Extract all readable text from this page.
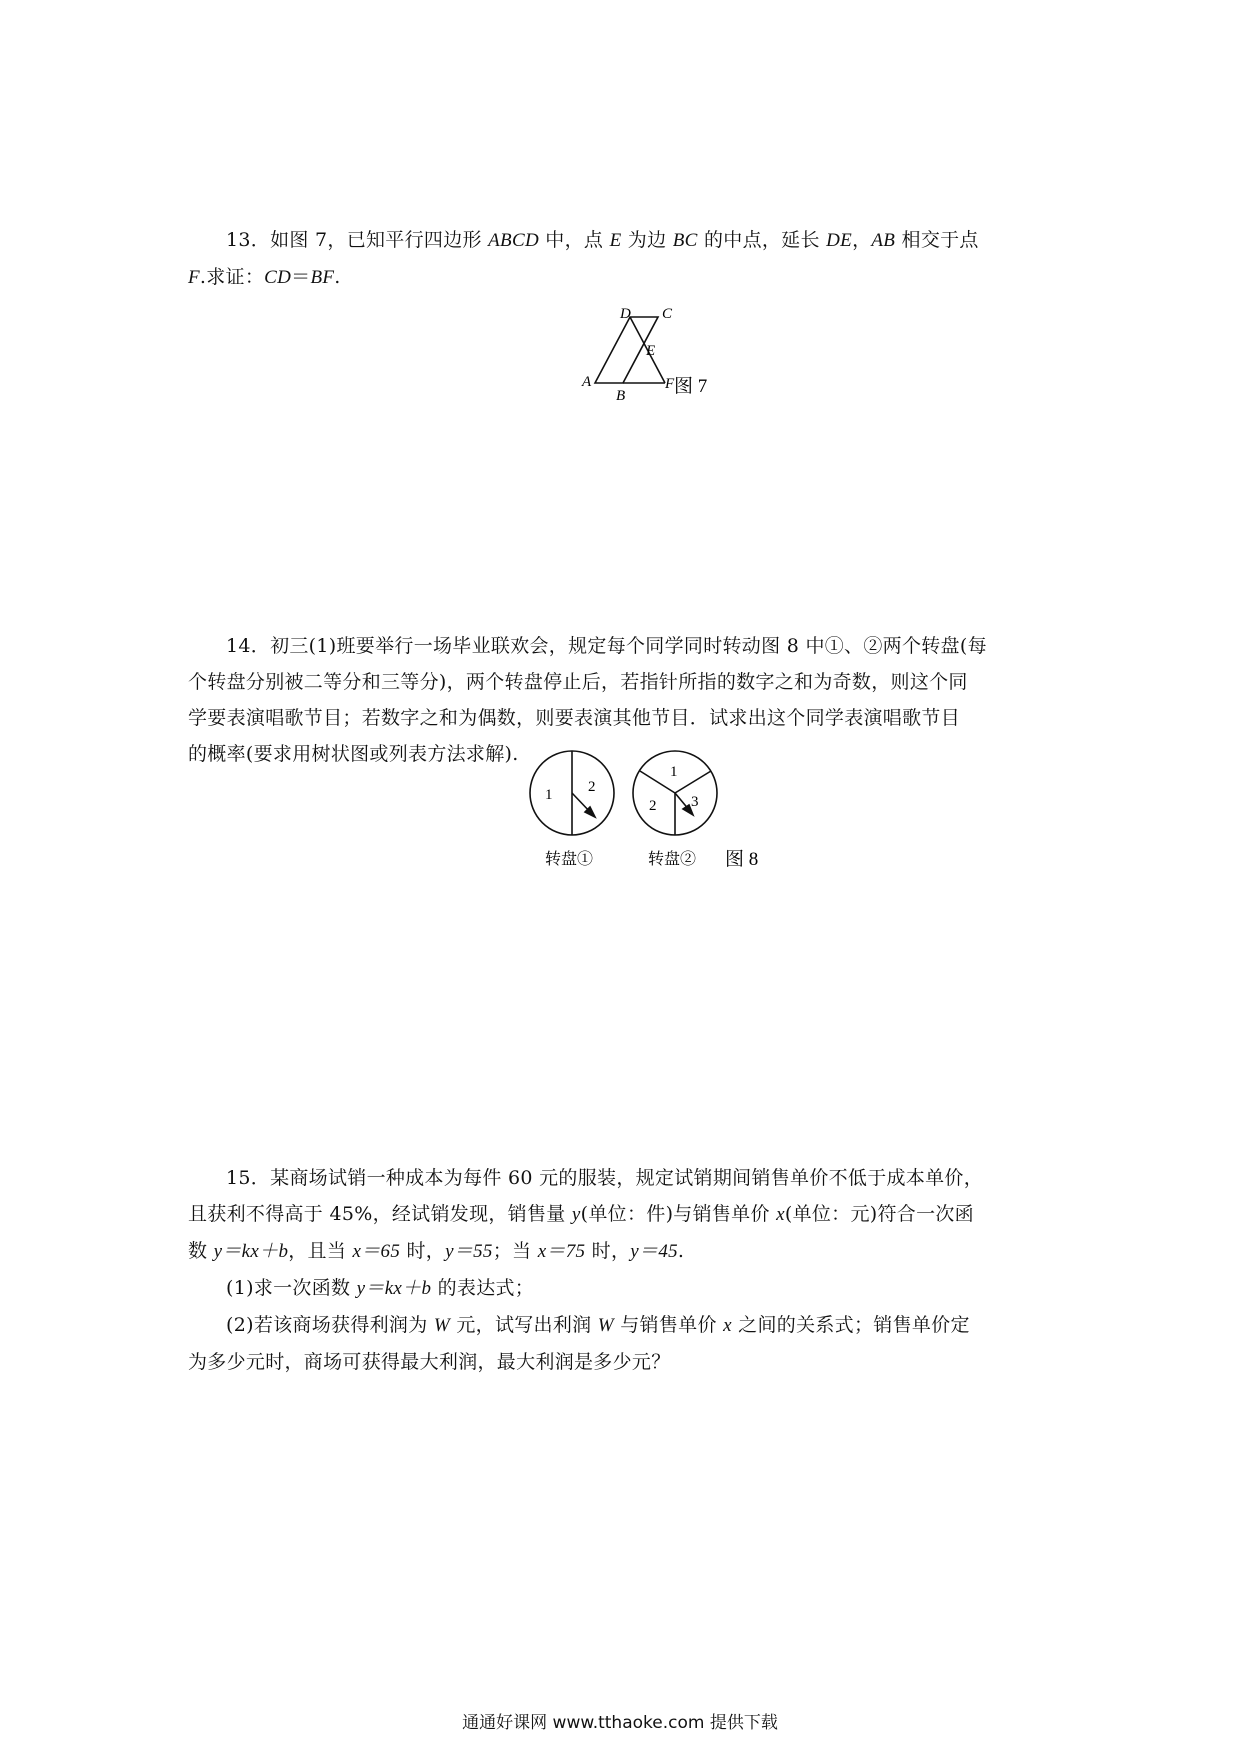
13．如图 7，已知平行四边形 ABCD 中，点 E 为边 BC 的中点，延长 DE，AB 相交于点
F.求证：CD＝BF.
D C
E
A
B
F 图 7
14．初三(1)班要举行一场毕业联欢会，规定每个同学同时转动图 8 中①、②两个转盘(每
个转盘分别被二等分和三等分)，两个转盘停止后，若指针所指的数字之和为奇数，则这个同
学要表演唱歌节目；若数字之和为偶数，则要表演其他节目．试求出这个同学表演唱歌节目
的概率(要求用树状图或列表方法求解).
1 2
1
2 3
转盘①	转盘② 图 8
15．某商场试销一种成本为每件 60 元的服装，规定试销期间销售单价不低于成本单价，
且获利不得高于 45%，经试销发现，销售量 y(单位：件)与销售单价 x(单位：元)符合一次函
数 y＝kx＋b，且当 x＝65 时，y＝55；当 x＝75 时，y＝45.
(1)求一次函数 y＝kx＋b 的表达式；
(2)若该商场获得利润为 W 元，试写出利润 W 与销售单价 x 之间的关系式；销售单价定
为多少元时，商场可获得最大利润，最大利润是多少元？
通通好课网 www.tthaoke.com 提供下载
